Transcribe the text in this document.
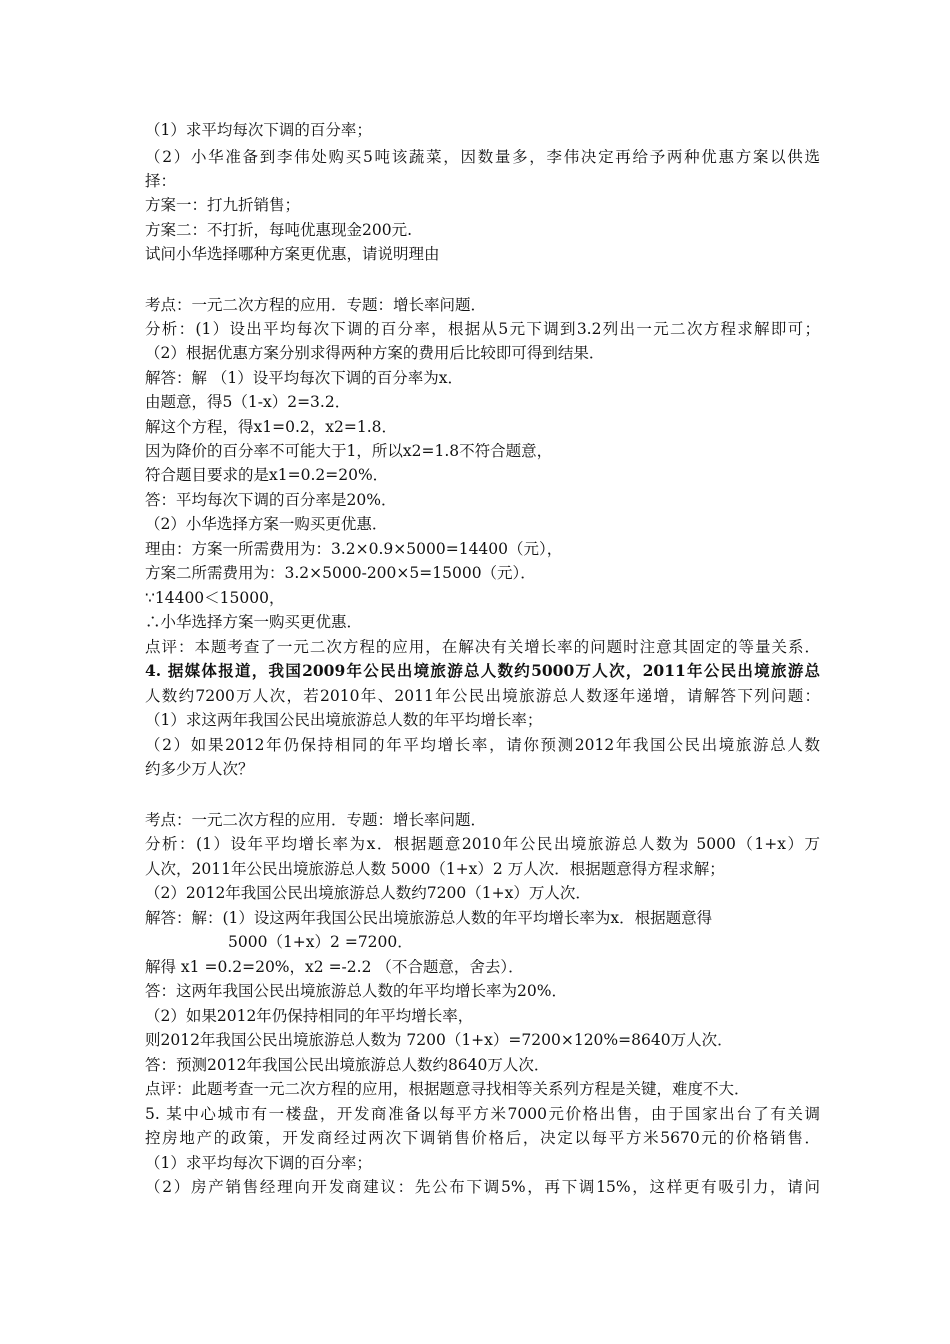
（1）求平均每次下调的百分率；
（2）小华准备到李伟处购买5吨该蔬菜，因数量多，李伟决定再给予两种优惠方案以供选
择：
方案一：打九折销售；
方案二：不打折，每吨优惠现金200元.
试问小华选择哪种方案更优惠，请说明理由
考点：一元二次方程的应用．专题：增长率问题．
分析：(1）设出平均每次下调的百分率，根据从5元下调到3.2列出一元二次方程求解即可；
（2）根据优惠方案分别求得两种方案的费用后比较即可得到结果．
解答：解 （1）设平均每次下调的百分率为x．
由题意，得5（1-x）2=3.2．
解这个方程，得x1=0.2，x2=1.8．
因为降价的百分率不可能大于1，所以x2=1.8不符合题意，
符合题目要求的是x1=0.2=20%．
答：平均每次下调的百分率是20%．
（2）小华选择方案一购买更优惠．
理由：方案一所需费用为：3.2×0.9×5000=14400（元），
方案二所需费用为：3.2×5000-200×5=15000（元）．
∵14400＜15000，
∴小华选择方案一购买更优惠．
点评：本题考查了一元二次方程的应用，在解决有关增长率的问题时注意其固定的等量关系．
4. 据媒体报道，我国2009年公民出境旅游总人数约5000万人次，2011年公民出境旅游总
人数约7200万人次，若2010年、2011年公民出境旅游总人数逐年递增，请解答下列问题：
（1）求这两年我国公民出境旅游总人数的年平均增长率；
（2）如果2012年仍保持相同的年平均增长率，请你预测2012年我国公民出境旅游总人数
约多少万人次？
考点：一元二次方程的应用．专题：增长率问题．
分析：(1）设年平均增长率为x．根据题意2010年公民出境旅游总人数为 5000（1+x）万
人次，2011年公民出境旅游总人数 5000（1+x）2 万人次．根据题意得方程求解；
（2）2012年我国公民出境旅游总人数约7200（1+x）万人次．
解答：解：(1）设这两年我国公民出境旅游总人数的年平均增长率为x．根据题意得
5000（1+x）2 =7200．
解得 x1 =0.2=20%，x2 =-2.2 （不合题意，舍去）．
答：这两年我国公民出境旅游总人数的年平均增长率为20%．
（2）如果2012年仍保持相同的年平均增长率，
则2012年我国公民出境旅游总人数为 7200（1+x）=7200×120%=8640万人次．
答：预测2012年我国公民出境旅游总人数约8640万人次．
点评：此题考查一元二次方程的应用，根据题意寻找相等关系列方程是关键，难度不大．
5. 某中心城市有一楼盘，开发商准备以每平方米7000元价格出售，由于国家出台了有关调
控房地产的政策，开发商经过两次下调销售价格后，决定以每平方米5670元的价格销售．
（1）求平均每次下调的百分率；
（2）房产销售经理向开发商建议：先公布下调5%，再下调15%，这样更有吸引力，请问
